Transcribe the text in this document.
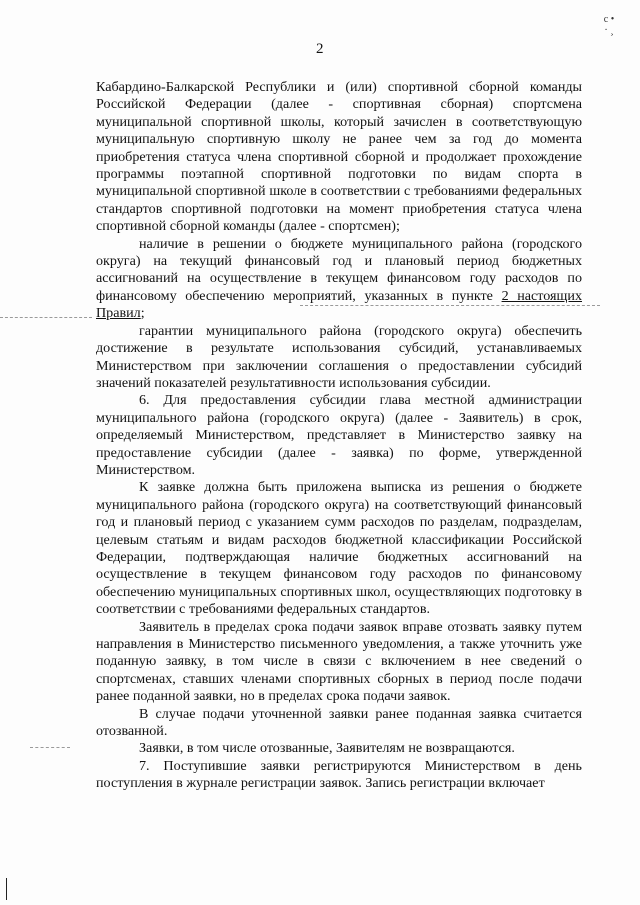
с • · ¸
2

Кабардино-Балкарской Республики и (или) спортивной сборной команды Российской Федерации (далее - спортивная сборная) спортсмена муниципальной спортивной школы, который зачислен в соответствующую муниципальную спортивную школу не ранее чем за год до момента приобретения статуса члена спортивной сборной и продолжает прохождение программы поэтапной спортивной подготовки по видам спорта в муниципальной спортивной школе в соответствии с требованиями федеральных стандартов спортивной подготовки на момент приобретения статуса члена спортивной сборной команды (далее - спортсмен);

наличие в решении о бюджете муниципального района (городского округа) на текущий финансовый год и плановый период бюджетных ассигнований на осуществление в текущем финансовом году расходов по финансовому обеспечению мероприятий, указанных в пункте 2 настоящих Правил;

гарантии муниципального района (городского округа) обеспечить достижение в результате использования субсидий, устанавливаемых Министерством при заключении соглашения о предоставлении субсидий значений показателей результативности использования субсидии.

6. Для предоставления субсидии глава местной администрации муниципального района (городского округа) (далее - Заявитель) в срок, определяемый Министерством, представляет в Министерство заявку на предоставление субсидии (далее - заявка) по форме, утвержденной Министерством.

К заявке должна быть приложена выписка из решения о бюджете муниципального района (городского округа) на соответствующий финансовый год и плановый период с указанием сумм расходов по разделам, подразделам, целевым статьям и видам расходов бюджетной классификации Российской Федерации, подтверждающая наличие бюджетных ассигнований на осуществление в текущем финансовом году расходов по финансовому обеспечению муниципальных спортивных школ, осуществляющих подготовку в соответствии с требованиями федеральных стандартов.

Заявитель в пределах срока подачи заявок вправе отозвать заявку путем направления в Министерство письменного уведомления, а также уточнить уже поданную заявку, в том числе в связи с включением в нее сведений о спортсменах, ставших членами спортивных сборных в период после подачи ранее поданной заявки, но в пределах срока подачи заявок.

В случае подачи уточненной заявки ранее поданная заявка считается отозванной.

Заявки, в том числе отозванные, Заявителям не возвращаются.

7. Поступившие заявки регистрируются Министерством в день поступления в журнале регистрации заявок. Запись регистрации включает
